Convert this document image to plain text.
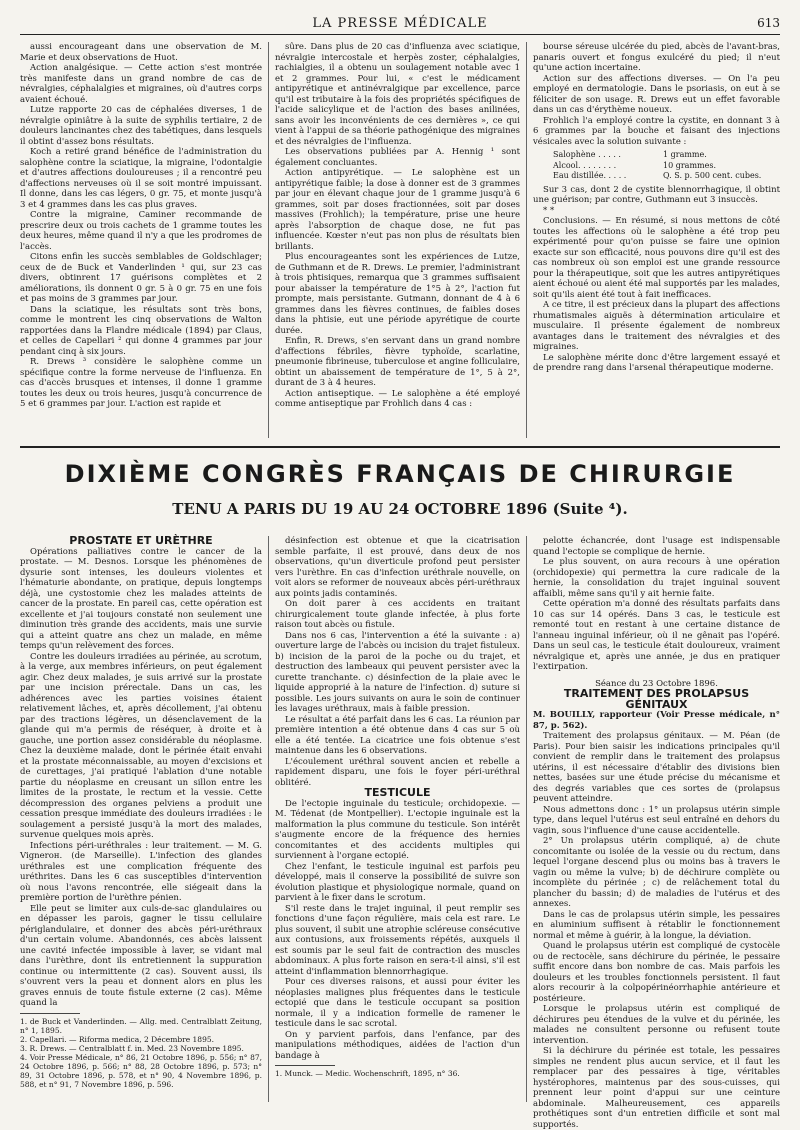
LA PRESSE MÉDICALE	613

aussi encourageant dans une observation de M. Marie et deux observations de Huot.

Action analgésique. — Cette action s'est montrée très manifeste dans un grand nombre de cas de névralgies, céphalalgies et migraines, où d'autres corps avaient échoué.

Lutze rapporte 20 cas de céphalées diverses, 1 de névralgie opiniâtre à la suite de syphilis tertiaire, 2 de douleurs lancinantes chez des tabétiques, dans lesquels il obtint d'assez bons résultats.

Koch a retiré grand bénéfice de l'administration du salophène contre la sciatique, la migraine, l'odontalgie et d'autres affections douloureuses ; il a rencontré peu d'affections nerveuses où il se soit montré impuissant. Il donne, dans les cas légers, 0 gr. 75, et monte jusqu'à 3 et 4 grammes dans les cas plus graves.

Contre la migraine, Caminer recommande de prescrire deux ou trois cachets de 1 gramme toutes les deux heures, même quand il n'y a que les prodromes de l'accès.

Citons enfin les succès semblables de Goldschlager; ceux de de Buck et Vanderlinden ¹ qui, sur 23 cas divers, obtinrent 17 guérisons complètes et 2 améliorations, ils donnent 0 gr. 5 à 0 gr. 75 en une fois et pas moins de 3 grammes par jour.

Dans la sciatique, les résultats sont très bons, comme le montrent les cinq observations de Walton rapportées dans la Flandre médicale (1894) par Claus, et celles de Capellari ² qui donne 4 grammes par jour pendant cinq à six jours.

R. Drews ³ considère le salophène comme un spécifique contre la forme nerveuse de l'influenza. En cas d'accès brusques et intenses, il donne 1 gramme toutes les deux ou trois heures, jusqu'à concurrence de 5 et 6 grammes par jour. L'action est rapide et

sûre. Dans plus de 20 cas d'influenza avec sciatique, névralgie intercostale et herpès zoster, céphalalgies, rachialgies, il a obtenu un soulagement notable avec 1 et 2 grammes. Pour lui, « c'est le médicament antipyrétique et antinévralgique par excellence, parce qu'il est tributaire à la fois des propriétés spécifiques de l'acide salicylique et de l'action des bases anilinées, sans avoir les inconvénients de ces dernières », ce qui vient à l'appui de sa théorie pathogénique des migraines et des névralgies de l'influenza.

Les observations publiées par A. Hennig ¹ sont également concluantes.

Action antipyrétique. — Le salophène est un antipyrétique faible; la dose à donner est de 3 grammes par jour en élevant chaque jour de 1 gramme jusqu'à 6 grammes, soit par doses fractionnées, soit par doses massives (Frohlich); la température, prise une heure après l'absorption de chaque dose, ne fut pas influencée. Kœster n'eut pas non plus de résultats bien brillants.

Plus encourageantes sont les expériences de Lutze, de Guthmann et de R. Drews. Le premier, l'administrant à trois phtisiques, remarqua que 3 grammes suffisaient pour abaisser la température de 1°5 à 2°, l'action fut prompte, mais persistante. Gutmann, donnant de 4 à 6 grammes dans les fièvres continues, de faibles doses dans la phtisie, eut une période apyrétique de courte durée.

Enfin, R. Drews, s'en servant dans un grand nombre d'affections fébriles, fièvre typhoïde, scarlatine, pneumonie fibrineuse, tuberculose et angine folliculaire, obtint un abaissement de température de 1°, 5 à 2°, durant de 3 à 4 heures.

Action antiseptique. — Le salophène a été employé comme antiseptique par Frohlich dans 4 cas :

bourse séreuse ulcérée du pied, abcès de l'avant-bras, panaris ouvert et fongus exulcéré du pied; il n'eut qu'une action incertaine.

Action sur des affections diverses. — On l'a peu employé en dermatologie. Dans le psoriasis, on eut à se féliciter de son usage. R. Drews eut un effet favorable dans un cas d'érythème noueux.

Frohlich l'a employé contre la cystite, en donnant 3 à 6 grammes par la bouche et faisant des injections vésicales avec la solution suivante :

Salophène . . . . .	1 gramme.
Alcool. . . . . . . .	10 grammes.
Eau distillée. . . . .	Q. S. p. 500 cent. cubes.

Sur 3 cas, dont 2 de cystite blennorrhagique, il obtint une guérison; par contre, Guthmann eut 3 insuccès.

* *

Conclusions. — En résumé, si nous mettons de côté toutes les affections où le salophène a été trop peu expérimenté pour qu'on puisse se faire une opinion exacte sur son efficacité, nous pouvons dire qu'il est des cas nombreux où son emploi est une grande ressource pour la thérapeutique, soit que les autres antipyrétiques aient échoué ou aient été mal supportés par les malades, soit qu'ils aient été tout à fait inefficaces.

A ce titre, il est précieux dans la plupart des affections rhumatismales aiguës à détermination articulaire et musculaire. Il présente également de nombreux avantages dans le traitement des névralgies et des migraines.

Le salophène mérite donc d'être largement essayé et de prendre rang dans l'arsenal thérapeutique moderne.

DIXIÈME CONGRÈS FRANÇAIS DE CHIRURGIE
TENU A PARIS DU 19 AU 24 OCTOBRE 1896 (Suite ⁴).

PROSTATE ET URÈTHRE

Opérations palliatives contre le cancer de la prostate. — M. Desnos. Lorsque les phénomènes de dysurie sont intenses, les douleurs violentes et l'hématurie abondante, on pratique, depuis longtemps déjà, une cystostomie chez les malades atteints de cancer de la prostate. En pareil cas, cette opération est excellente et j'ai toujours constaté non seulement une diminution très grande des accidents, mais une survie qui a atteint quatre ans chez un malade, en même temps qu'un relèvement des forces.

Contre les douleurs irradiées au périnée, au scrotum, à la verge, aux membres inférieurs, on peut également agir. Chez deux malades, je suis arrivé sur la prostate par une incision prérectale. Dans un cas, les adhérences avec les parties voisines étaient relativement lâches, et, après décollement, j'ai obtenu par des tractions légères, un désenclavement de la glande qui m'a permis de réséquer, à droite et à gauche, une portion assez considérable du néoplasme. Chez la deuxième malade, dont le périnée était envahi et la prostate méconnaissable, au moyen d'excisions et de curettages, j'ai pratiqué l'ablation d'une notable partie du néoplasme en creusant un sillon entre les limites de la prostate, le rectum et la vessie. Cette décompression des organes pelviens a produit une cessation presque immédiate des douleurs irradiées : le soulagement a persisté jusqu'à la mort des malades, survenue quelques mois après.

Infections péri-uréthrales : leur traitement. — M. G. Vignerон. (de Marseille). L'infection des glandes uréthrales est une complication fréquente des uréthrites. Dans les 6 cas susceptibles d'intervention où nous l'avons rencontrée, elle siégeait dans la première portion de l'urèthre pénien.

Elle peut se limiter aux culs-de-sac glandulaires ou en dépasser les parois, gagner le tissu cellulaire périglandulaire, et donner des abcès péri-uréthraux d'un certain volume. Abandonnés, ces abcès laissent une cavité infectée impossible à laver, se vidant mal dans l'urèthre, dont ils entretiennent la suppuration continue ou intermittente (2 cas). Souvent aussi, ils s'ouvrent vers la peau et donnent alors en plus les graves ennuis de toute fistule externe (2 cas). Même quand la

1. de Buck et Vanderlinden. — Allg. med. Centralblatt Zeitung, n° 1, 1895.

2. Capellari. — Riforma medica, 2 Décembre 1895.

3. R. Drews. — Centralblatt f. in. Med. 23 Novembre 1895.

4. Voir Presse Médicale, n° 86, 21 Octobre 1896, p. 556; n° 87, 24 Octobre 1896, p. 566; n° 88, 28 Octobre 1896, p. 573; n° 89, 31 Octobre 1896, p. 578, et n° 90, 4 Novembre 1896, p. 588, et n° 91, 7 Novembre 1896, p. 596.

désinfection est obtenue et que la cicatrisation semble parfaite, il est prouvé, dans deux de nos observations, qu'un diverticule profond peut persister vers l'urèthre. En cas d'infection uréthrale nouvelle, on voit alors se reformer de nouveaux abcès péri-uréthraux aux points jadis contaminés.

On doit parer à ces accidents en traitant chirurgicalement toute glande infectée, à plus forte raison tout abcès ou fistule.

Dans nos 6 cas, l'intervention a été la suivante : a) ouverture large de l'abcès ou incision du trajet fistuleux. b) incision de la paroi de la poche ou du trajet, et destruction des lambeaux qui peuvent persister avec la curette tranchante. c) désinfection de la plaie avec le liquide approprié à la nature de l'infection. d) suture si possible. Les jours suivants on aura le soin de continuer les lavages uréthraux, mais à faible pression.

Le résultat a été parfait dans les 6 cas. La réunion par première intention a été obtenue dans 4 cas sur 5 où elle a été tentée. La cicatrice une fois obtenue s'est maintenue dans les 6 observations.

L'écoulement uréthral souvent ancien et rebelle a rapidement disparu, une fois le foyer péri-uréthral oblitéré.

TESTICULE

De l'ectopie inguinale du testicule; orchidopexie. — M. Tédenat (de Montpellier). L'ectopie inguinale est la malformation la plus commune du testicule. Son intérêt s'augmente encore de la fréquence des hernies concomitantes et des accidents multiples qui surviennent à l'organe ectopié.

Chez l'enfant, le testicule inguinal est parfois peu développé, mais il conserve la possibilité de suivre son évolution plastique et physiologique normale, quand on parvient à le fixer dans le scrotum.

S'il reste dans le trajet inguinal, il peut remplir ses fonctions d'une façon régulière, mais cela est rare. Le plus souvent, il subit une atrophie scléreuse consécutive aux contusions, aux froissements répétés, auxquels il est soumis par le seul fait de contraction des muscles abdominaux. A plus forte raison en sera-t-il ainsi, s'il est atteint d'inflammation blennorrhagique.

Pour ces diverses raisons, et aussi pour éviter les néoplasies malignes plus fréquentes dans le testicule ectopié que dans le testicule occupant sa position normale, il y a indication formelle de ramener le testicule dans le sac scrotal.

On y parvient parfois, dans l'enfance, par des manipulations méthodiques, aidées de l'action d'un bandage à

1. Munck. — Medic. Wochenschrift, 1895, n° 36.

pelotte échancrée, dont l'usage est indispensable quand l'ectopie se complique de hernie.

Le plus souvent, on aura recours à une opération (orchidopexie) qui permettra la cure radicale de la hernie, la consolidation du trajet inguinal souvent affaibli, même sans qu'il y ait hernie faite.

Cette opération m'a donné des résultats parfaits dans 10 cas sur 14 opérés. Dans 3 cas, le testicule est remonté tout en restant à une certaine distance de l'anneau inguinal inférieur, où il ne gênait pas l'opéré. Dans un seul cas, le testicule était douloureux, vraiment névralgique et, après une année, je dus en pratiquer l'extirpation.

Séance du 23 Octobre 1896.

TRAITEMENT DES PROLAPSUS GÉNITAUX

M. BOUILLY, rapporteur (Voir Presse médicale, n° 87, p. 562).

Traitement des prolapsus génitaux. — M. Péan (de Paris). Pour bien saisir les indications principales qu'il convient de remplir dans le traitement des prolapsus utérins, il est nécessaire d'établir des divisions bien nettes, basées sur une étude précise du mécanisme et des degrés variables que ces sortes de (prolapsus peuvent atteindre.

Nous admettons donc : 1° un prolapsus utérin simple type, dans lequel l'utérus est seul entraîné en dehors du vagin, sous l'influence d'une cause accidentelle.

2° Un prolapsus utérin compliqué, a) de chute concomitante ou isolée de la vessie ou du rectum, dans lequel l'organe descend plus ou moins bas à travers le vagin ou même la vulve; b) de déchirure complète ou incomplète du périnée ; c) de relâchement total du plancher du bassin; d) de maladies de l'utérus et des annexes.

Dans le cas de prolapsus utérin simple, les pessaires en aluminium suffisent à rétablir le fonctionnement normal et même à guérir, à la longue, la déviation.

Quand le prolapsus utérin est compliqué de cystocèle ou de rectocèle, sans déchirure du périnée, le pessaire suffit encore dans bon nombre de cas. Mais parfois les douleurs et les troubles fonctionnels persistent. Il faut alors recourir à la colpopérinéorrhaphie antérieure et postérieure.

Lorsque le prolapsus utérin est compliqué de déchirures peu étendues de la vulve et du périnée, les malades ne consultent personne ou refusent toute intervention.

Si la déchirure du périnée est totale, les pessaires simples ne rendent plus aucun service, et il faut les remplacer par des pessaires à tige, véritables hystérophores, maintenus par des sous-cuisses, qui prennent leur point d'appui sur une ceinture abdominale. Malheureusement, ces appareils prothétiques sont d'un entretien difficile et sont mal supportés.
